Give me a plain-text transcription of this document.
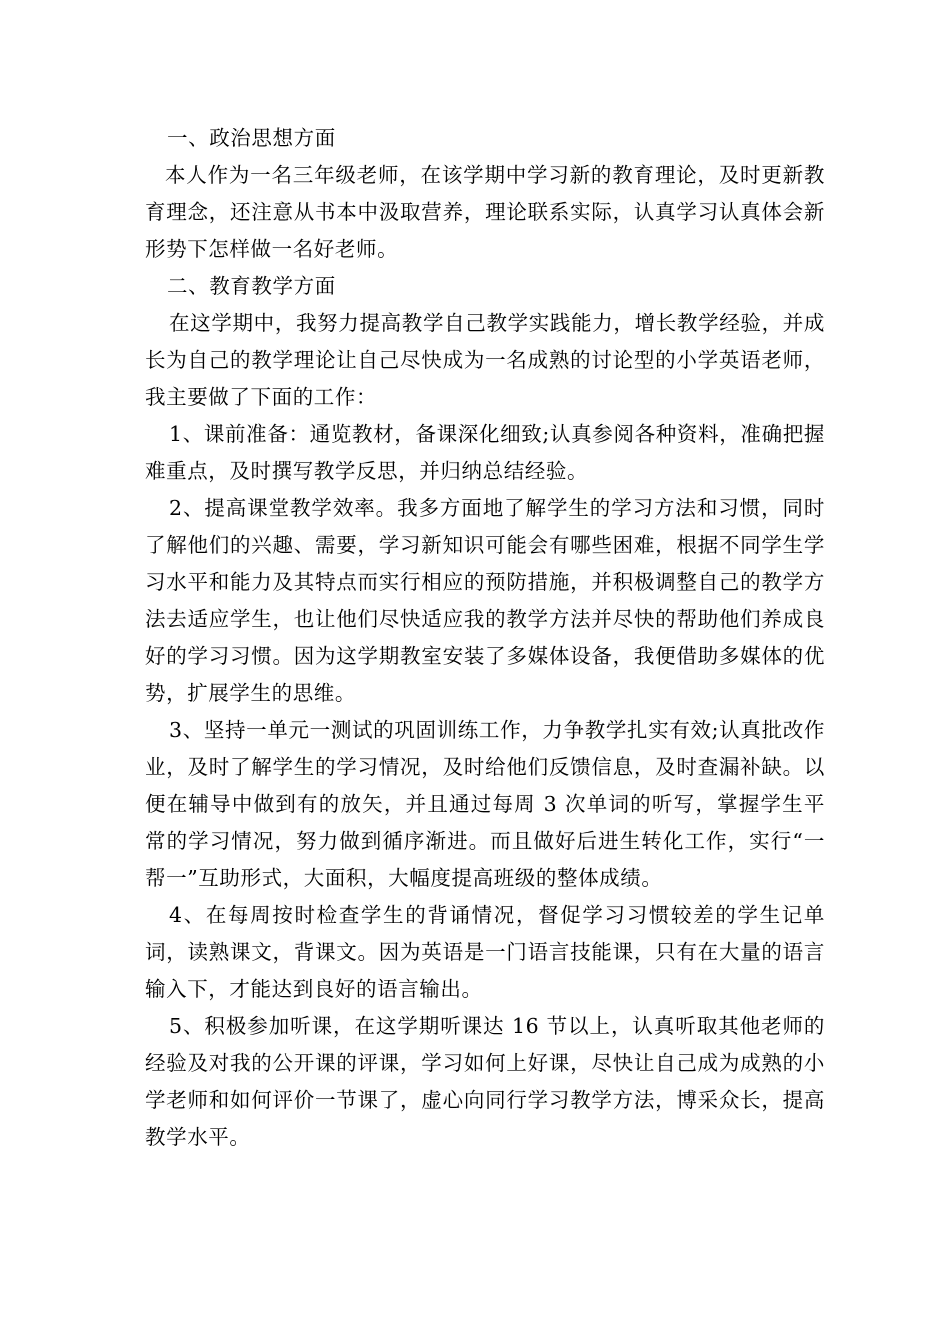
一、政治思想方面

本人作为一名三年级老师，在该学期中学习新的教育理论，及时更新教育理念，还注意从书本中汲取营养，理论联系实际，认真学习认真体会新形势下怎样做一名好老师。

二、教育教学方面

在这学期中，我努力提高教学自己教学实践能力，增长教学经验，并成长为自己的教学理论让自己尽快成为一名成熟的讨论型的小学英语老师，我主要做了下面的工作：

1、课前准备：通览教材，备课深化细致;认真参阅各种资料，准确把握难重点，及时撰写教学反思，并归纳总结经验。

2、提高课堂教学效率。我多方面地了解学生的学习方法和习惯，同时了解他们的兴趣、需要，学习新知识可能会有哪些困难，根据不同学生学习水平和能力及其特点而实行相应的预防措施，并积极调整自己的教学方法去适应学生，也让他们尽快适应我的教学方法并尽快的帮助他们养成良好的学习习惯。因为这学期教室安装了多媒体设备，我便借助多媒体的优势，扩展学生的思维。

3、坚持一单元一测试的巩固训练工作，力争教学扎实有效;认真批改作业，及时了解学生的学习情况，及时给他们反馈信息，及时查漏补缺。以便在辅导中做到有的放矢，并且通过每周 3 次单词的听写，掌握学生平常的学习情况，努力做到循序渐进。而且做好后进生转化工作，实行“一帮一”互助形式，大面积，大幅度提高班级的整体成绩。

4、在每周按时检查学生的背诵情况，督促学习习惯较差的学生记单词，读熟课文，背课文。因为英语是一门语言技能课，只有在大量的语言输入下，才能达到良好的语言输出。

5、积极参加听课，在这学期听课达 16 节以上，认真听取其他老师的经验及对我的公开课的评课，学习如何上好课，尽快让自己成为成熟的小学老师和如何评价一节课了，虚心向同行学习教学方法，博采众长，提高教学水平。
